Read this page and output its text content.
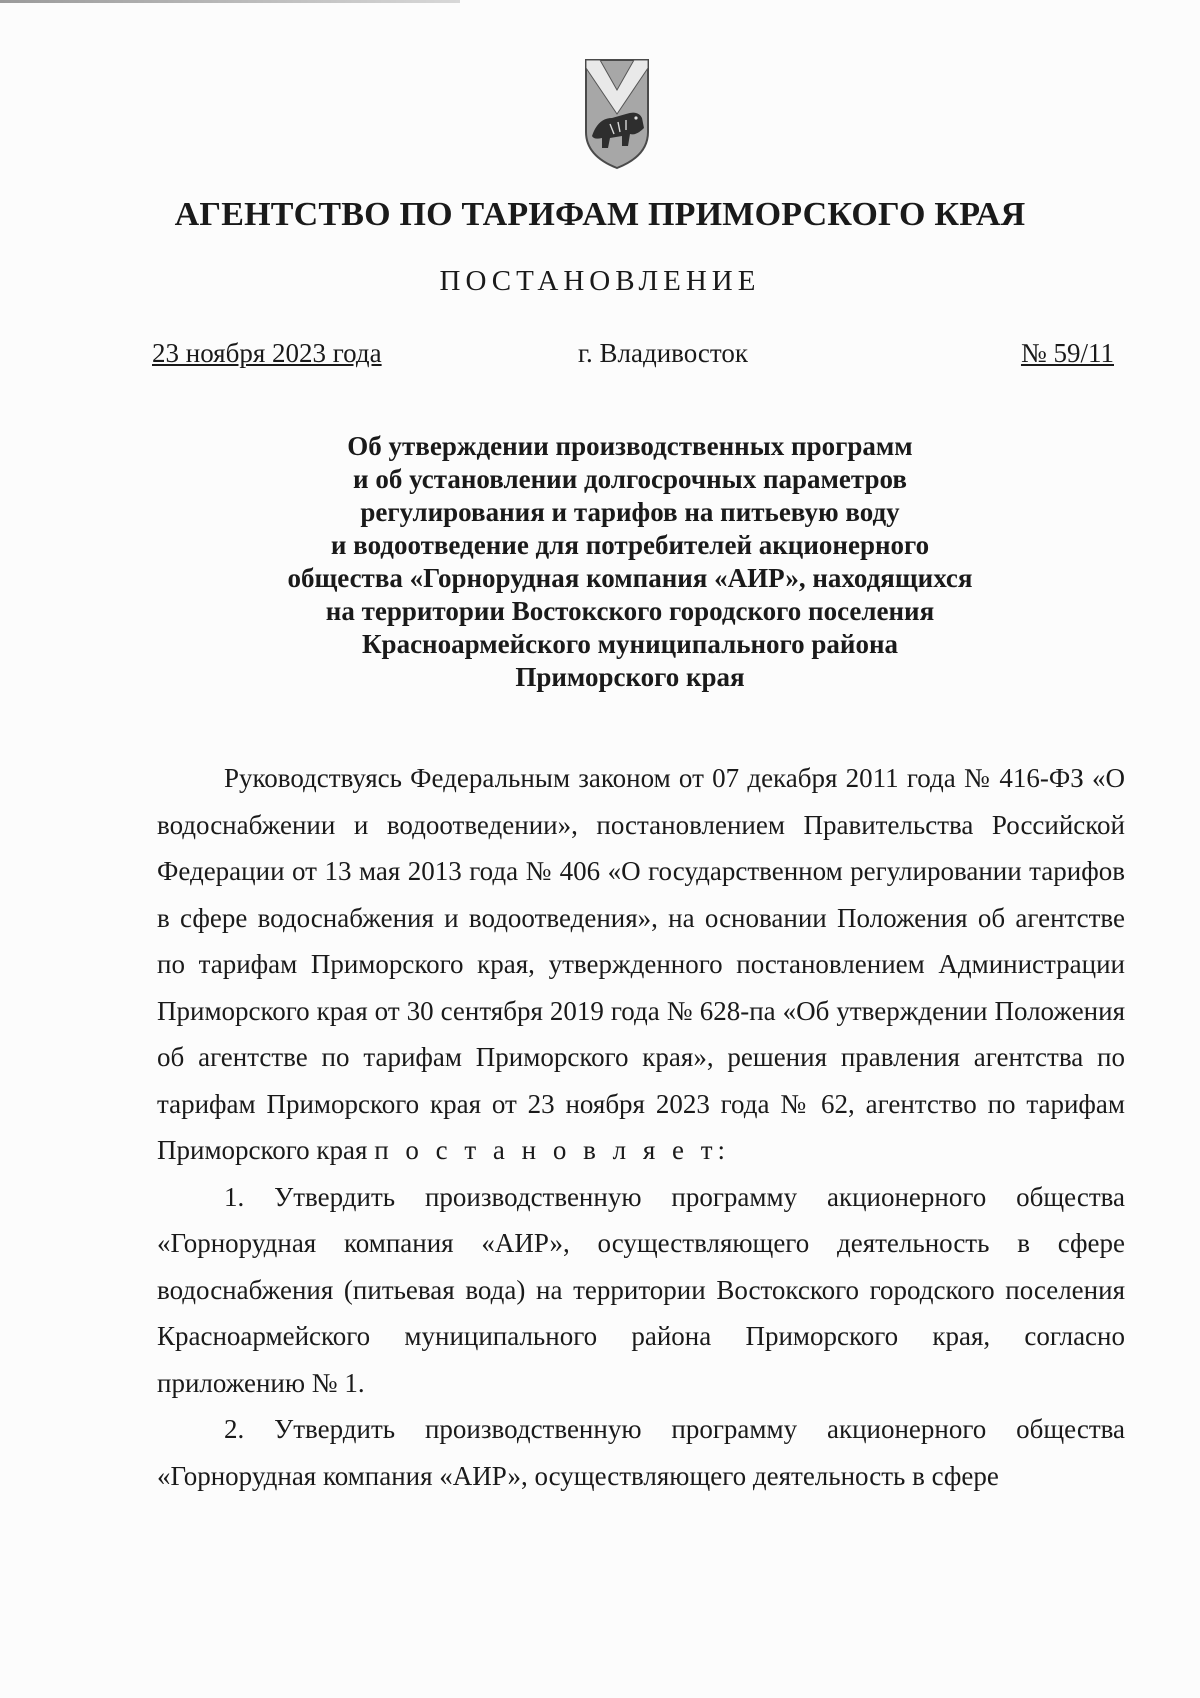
АГЕНТСТВО ПО ТАРИФАМ ПРИМОРСКОГО КРАЯ
ПОСТАНОВЛЕНИЕ
23 ноября 2023 года	г. Владивосток	№ 59/11
Об утверждении производственных программ
и об установлении долгосрочных параметров
регулирования и тарифов на питьевую воду
и водоотведение для потребителей акционерного
общества «Горнорудная компания «АИР», находящихся
на территории Востокского городского поселения
Красноармейского муниципального района
Приморского края

Руководствуясь Федеральным законом от 07 декабря 2011 года № 416-ФЗ «О водоснабжении и водоотведении», постановлением Правительства Российской Федерации от 13 мая 2013 года № 406 «О государственном регулировании тарифов в сфере водоснабжения и водоотведения», на основании Положения об агентстве по тарифам Приморского края, утвержденного постановлением Администрации Приморского края от 30 сентября 2019 года № 628-па «Об утверждении Положения об агентстве по тарифам Приморского края», решения правления агентства по тарифам Приморского края от 23 ноября 2023 года № 62, агентство по тарифам Приморского края п о с т а н о в л я е т:

1. Утвердить производственную программу акционерного общества «Горнорудная компания «АИР», осуществляющего деятельность в сфере водоснабжения (питьевая вода) на территории Востокского городского поселения Красноармейского муниципального района Приморского края, согласно приложению № 1.

2. Утвердить производственную программу акционерного общества «Горнорудная компания «АИР», осуществляющего деятельность в сфере
